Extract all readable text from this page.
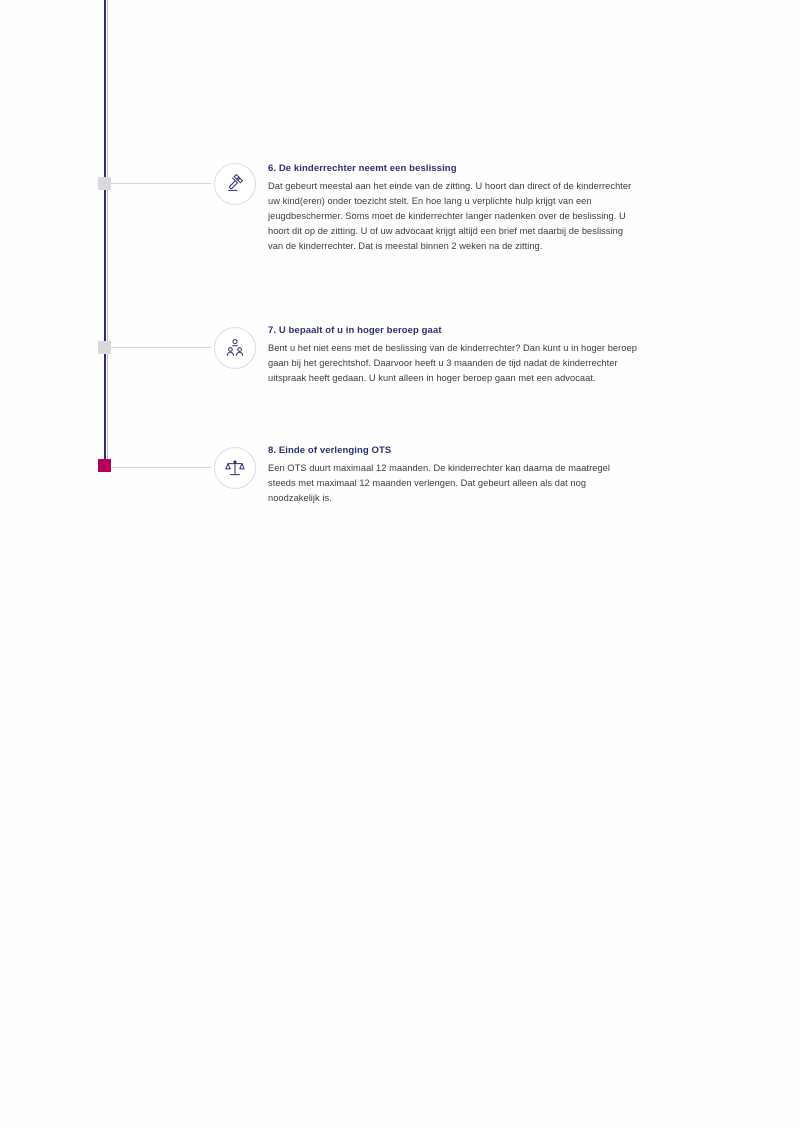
6. De kinderrechter neemt een beslissing

Dat gebeurt meestal aan het einde van de zitting. U hoort dan direct of de kinderrechter uw kind(eren) onder toezicht stelt. En hoe lang u verplichte hulp krijgt van een jeugdbeschermer. Soms moet de kinderrechter langer nadenken over de beslissing. U hoort dit op de zitting. U of uw advocaat krijgt altijd een brief met daarbij de beslissing van de kinderrechter. Dat is meestal binnen 2 weken na de zitting.

7. U bepaalt of u in hoger beroep gaat

Bent u het niet eens met de beslissing van de kinderrechter? Dan kunt u in hoger beroep gaan bij het gerechtshof. Daarvoor heeft u 3 maanden de tijd nadat de kinderrechter uitspraak heeft gedaan. U kunt alleen in hoger beroep gaan met een advocaat.

8. Einde of verlenging OTS

Een OTS duurt maximaal 12 maanden. De kinderrechter kan daarna de maatregel steeds met maximaal 12 maanden verlengen. Dat gebeurt alleen als dat nog noodzakelijk is.
